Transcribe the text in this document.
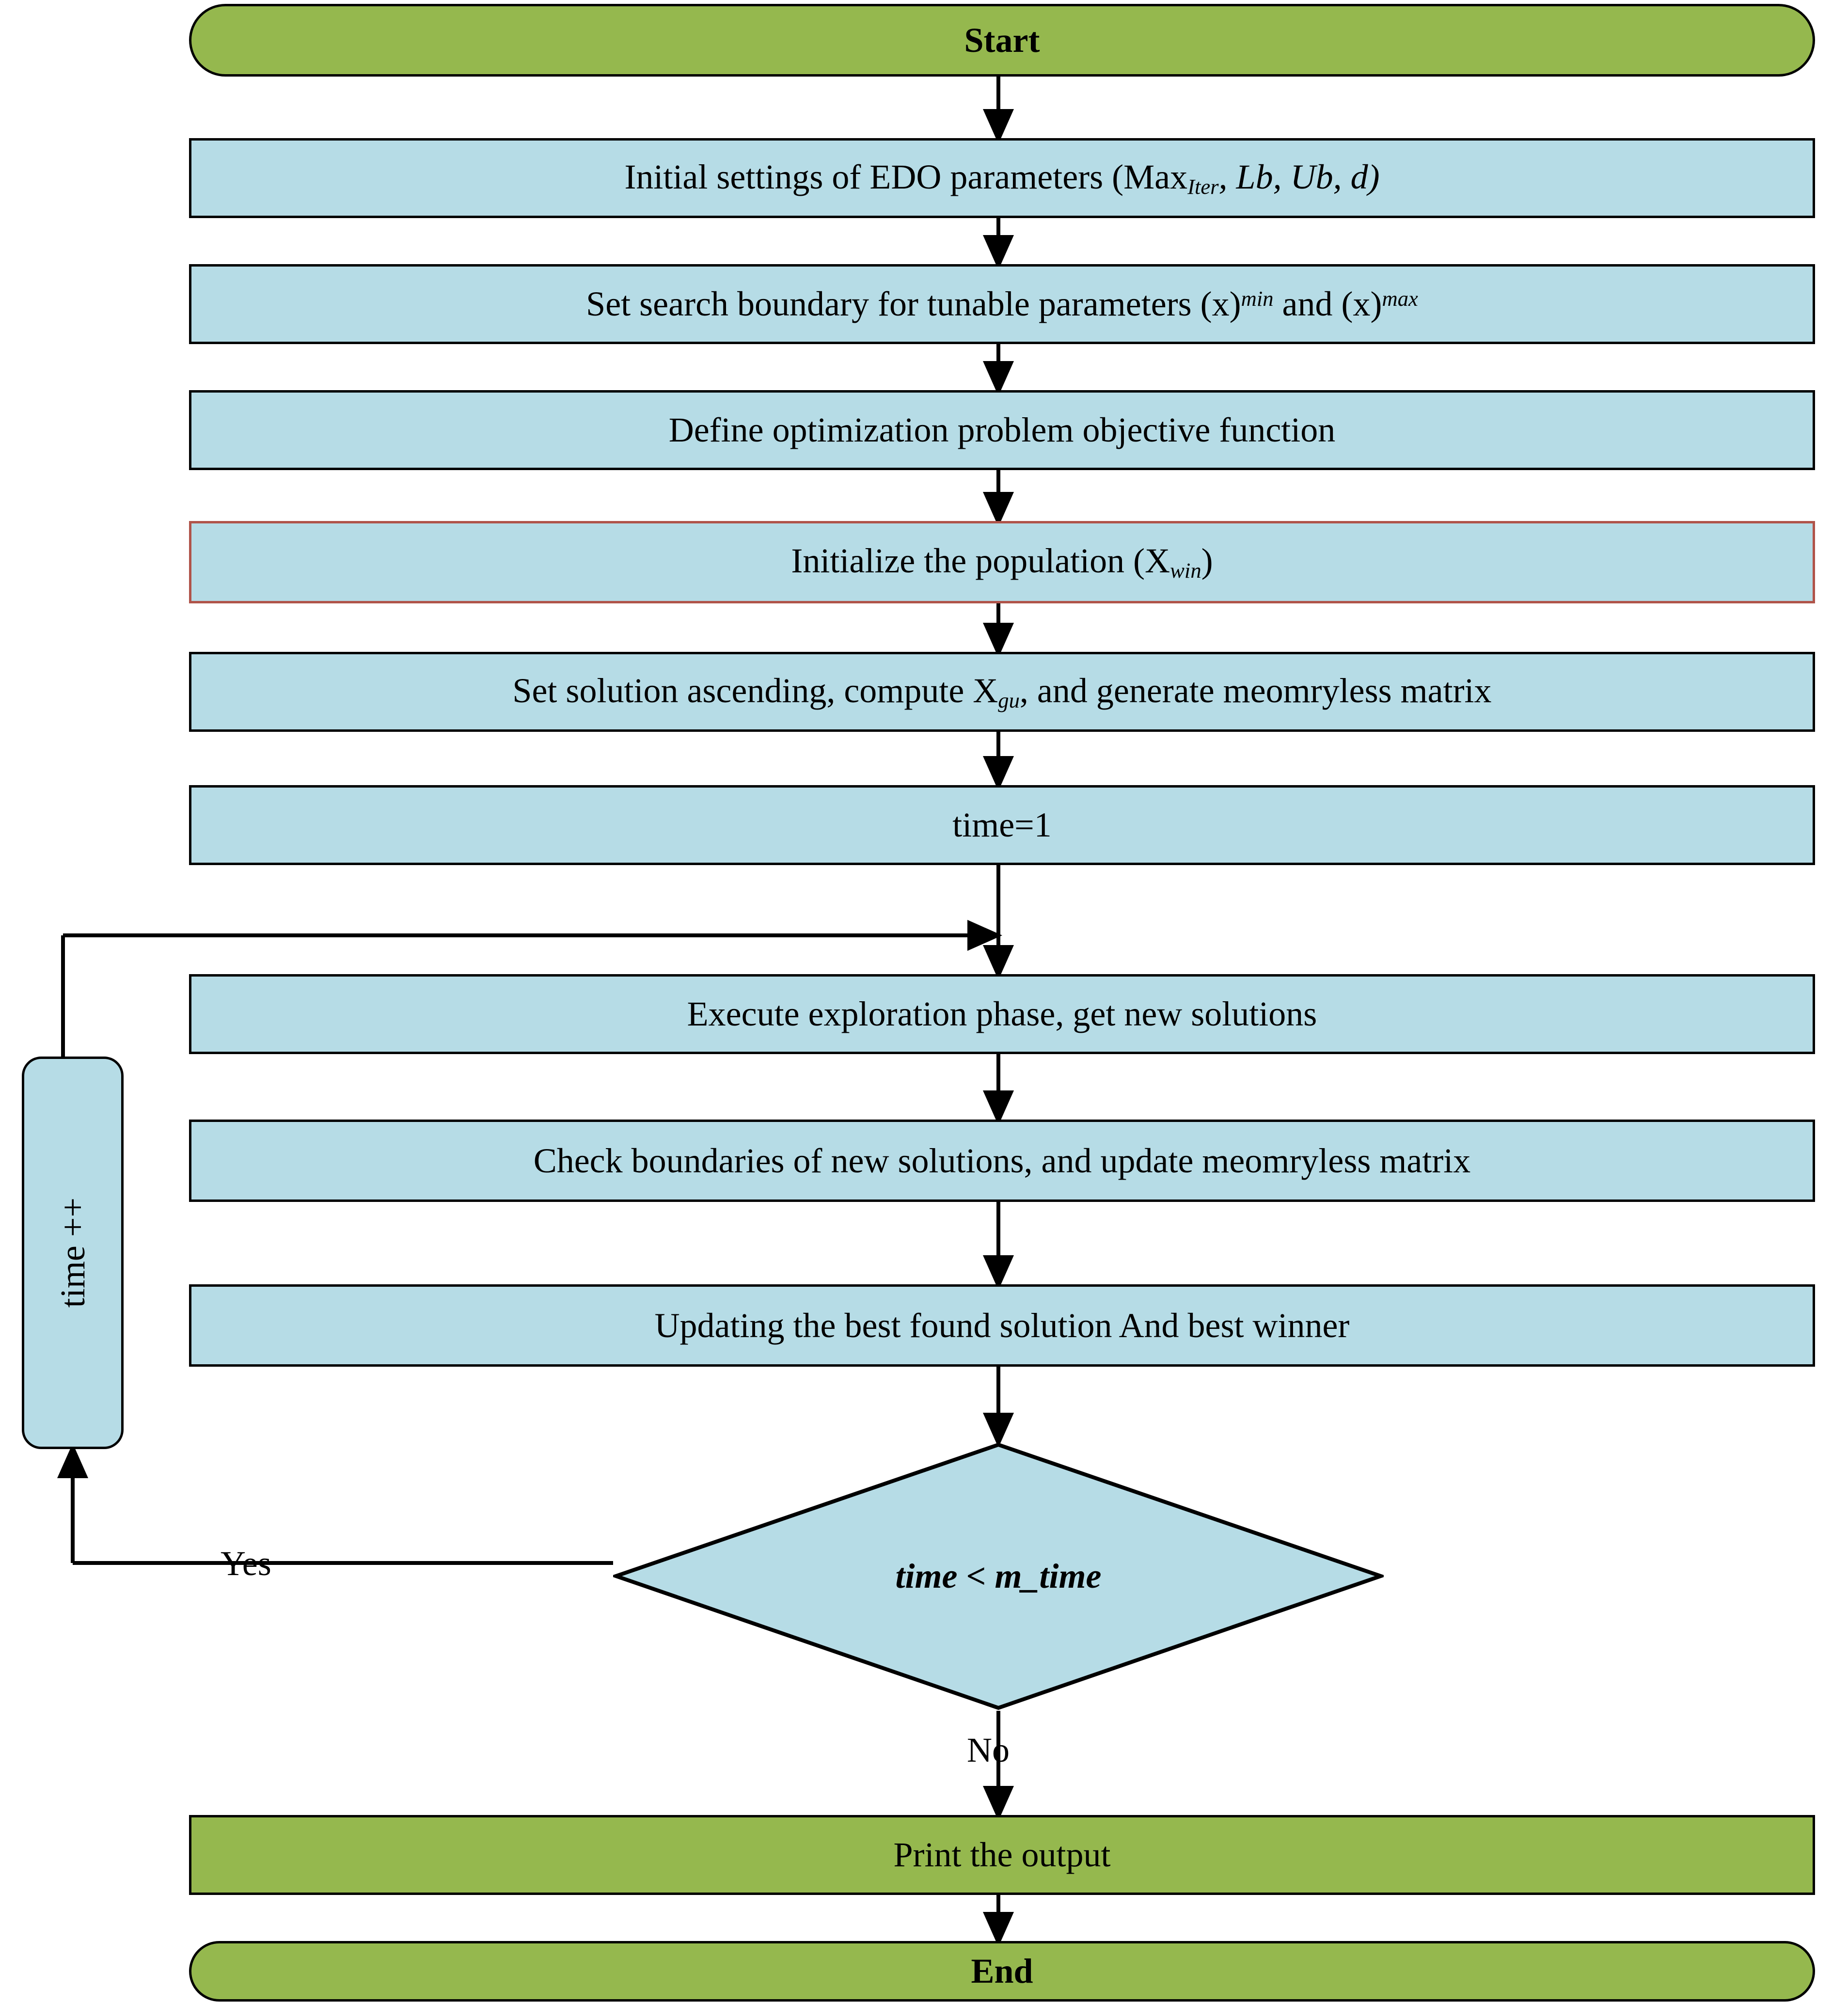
Start
Initial settings of EDO parameters (Max$_{Iter}$, Lb, Ub, d)
Set search boundary for tunable parameters $(x)^{min}$ and $(x)^{max}$
Define optimization problem objective function
Initialize the population $(X_{win})$
Set solution ascending, compute $X_{gu}$, and generate meomryless matrix
time=1
Execute exploration phase, get new solutions
Check boundaries of new solutions, and update meomryless matrix
Updating the best found solution And best winner
time ++
time < m_time
Yes
No
Print the output
End
